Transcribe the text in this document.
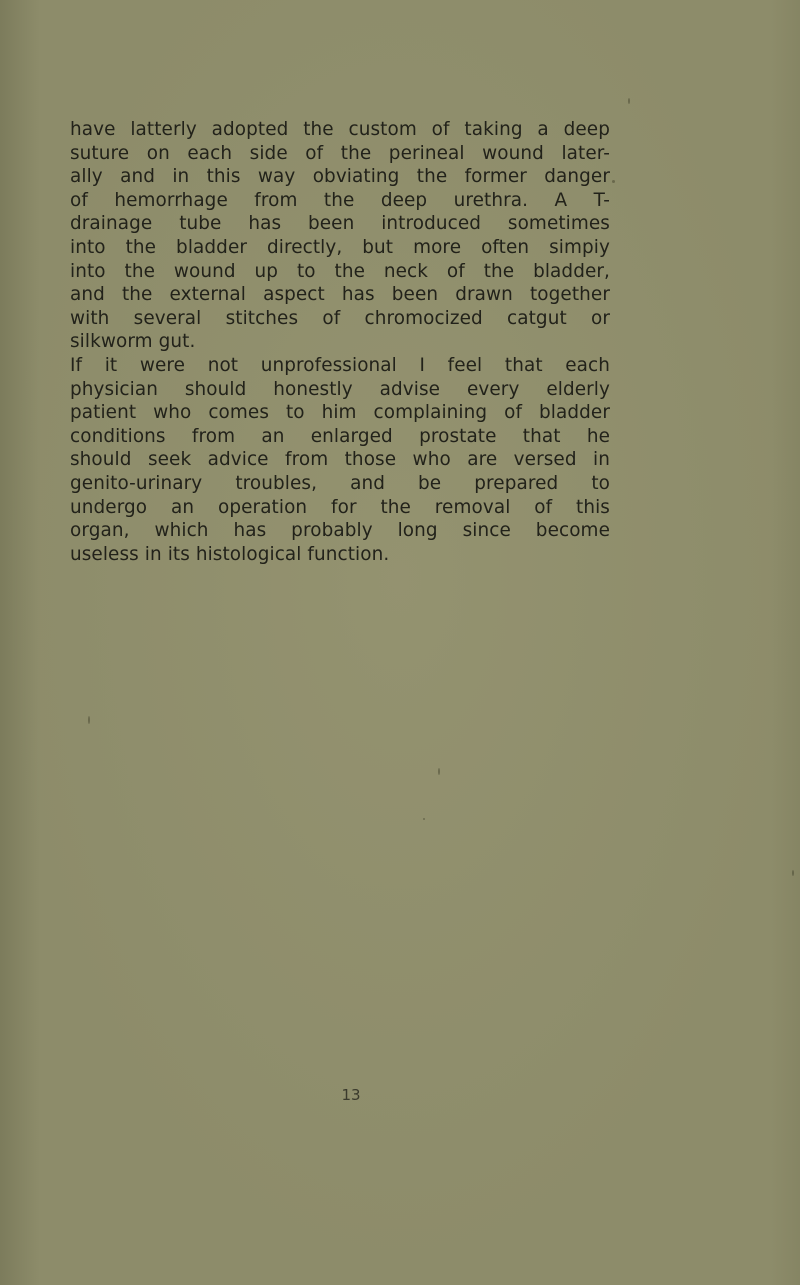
have latterly adopted the custom of taking a deep
suture on each side of the perineal wound later-
ally and in this way obviating the former danger
of hemorrhage from the deep urethra. A T-
drainage tube has been introduced sometimes
into the bladder directly, but more often simpiy
into the wound up to the neck of the bladder,
and the external aspect has been drawn together
with several stitches of chromocized catgut or
silkworm gut.
If it were not unprofessional I feel that each
physician should honestly advise every elderly
patient who comes to him complaining of bladder
conditions from an enlarged prostate that he
should seek advice from those who are versed in
genito-urinary troubles, and be prepared to
undergo an operation for the removal of this
organ, which has probably long since become
useless in its histological function.
13
